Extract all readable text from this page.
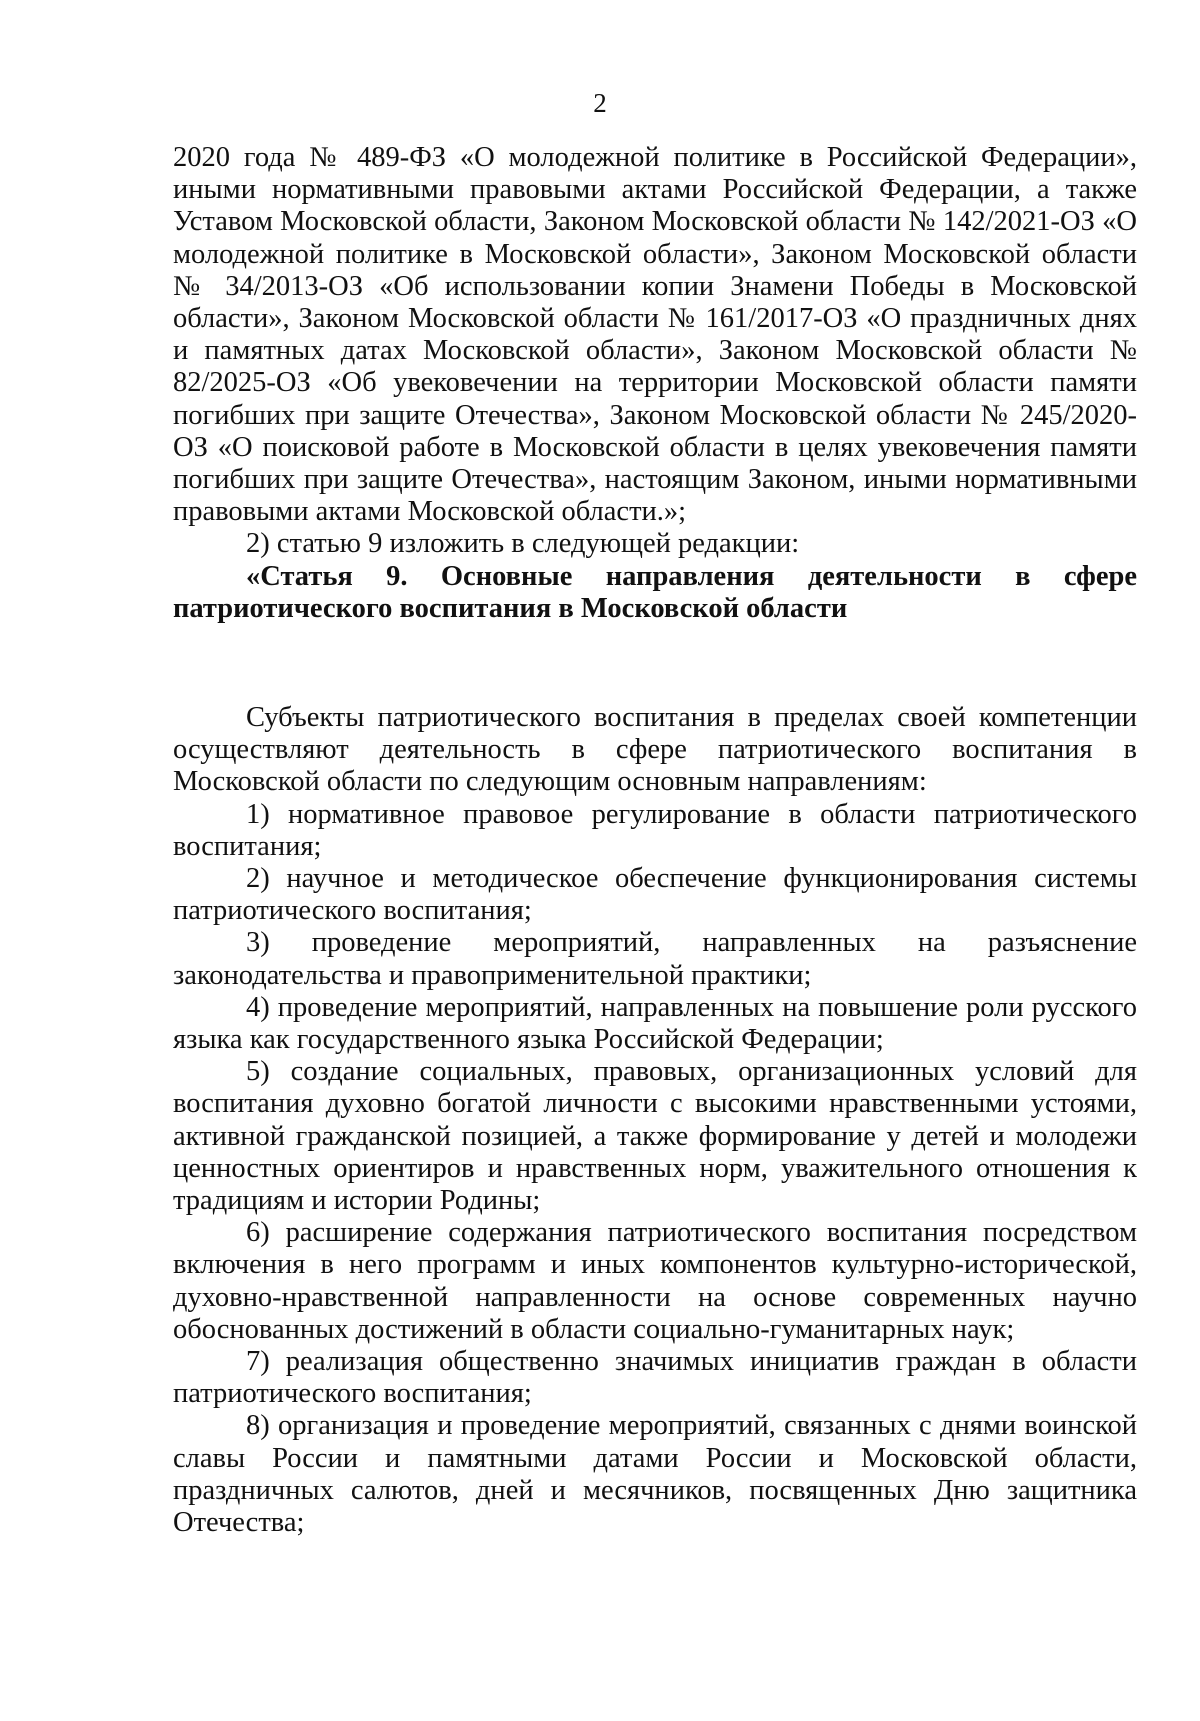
2

2020 года № 489-ФЗ «О молодежной политике в Российской Федерации», иными нормативными правовыми актами Российской Федерации, а также Уставом Московской области, Законом Московской области № 142/2021-ОЗ «О молодежной политике в Московской области», Законом Московской области № 34/2013-ОЗ «Об использовании копии Знамени Победы в Московской области», Законом Московской области № 161/2017-ОЗ «О праздничных днях и памятных датах Московской области», Законом Московской области № 82/2025-ОЗ «Об увековечении на территории Московской области памяти погибших при защите Отечества», Законом Московской области № 245/2020-ОЗ «О поисковой работе в Московской области в целях увековечения памяти погибших при защите Отечества», настоящим Законом, иными нормативными правовыми актами Московской области.»;

2) статью 9 изложить в следующей редакции:

«Статья 9. Основные направления деятельности в сфере патриотического воспитания в Московской области

Субъекты патриотического воспитания в пределах своей компетенции осуществляют деятельность в сфере патриотического воспитания в Московской области по следующим основным направлениям:

1) нормативное правовое регулирование в области патриотического воспитания;

2) научное и методическое обеспечение функционирования системы патриотического воспитания;

3) проведение мероприятий, направленных на разъяснение законодательства и правоприменительной практики;

4) проведение мероприятий, направленных на повышение роли русского языка как государственного языка Российской Федерации;

5) создание социальных, правовых, организационных условий для воспитания духовно богатой личности с высокими нравственными устоями, активной гражданской позицией, а также формирование у детей и молодежи ценностных ориентиров и нравственных норм, уважительного отношения к традициям и истории Родины;

6) расширение содержания патриотического воспитания посредством включения в него программ и иных компонентов культурно-исторической, духовно-нравственной направленности на основе современных научно обоснованных достижений в области социально-гуманитарных наук;

7) реализация общественно значимых инициатив граждан в области патриотического воспитания;

8) организация и проведение мероприятий, связанных с днями воинской славы России и памятными датами России и Московской области, праздничных салютов, дней и месячников, посвященных Дню защитника Отечества;
